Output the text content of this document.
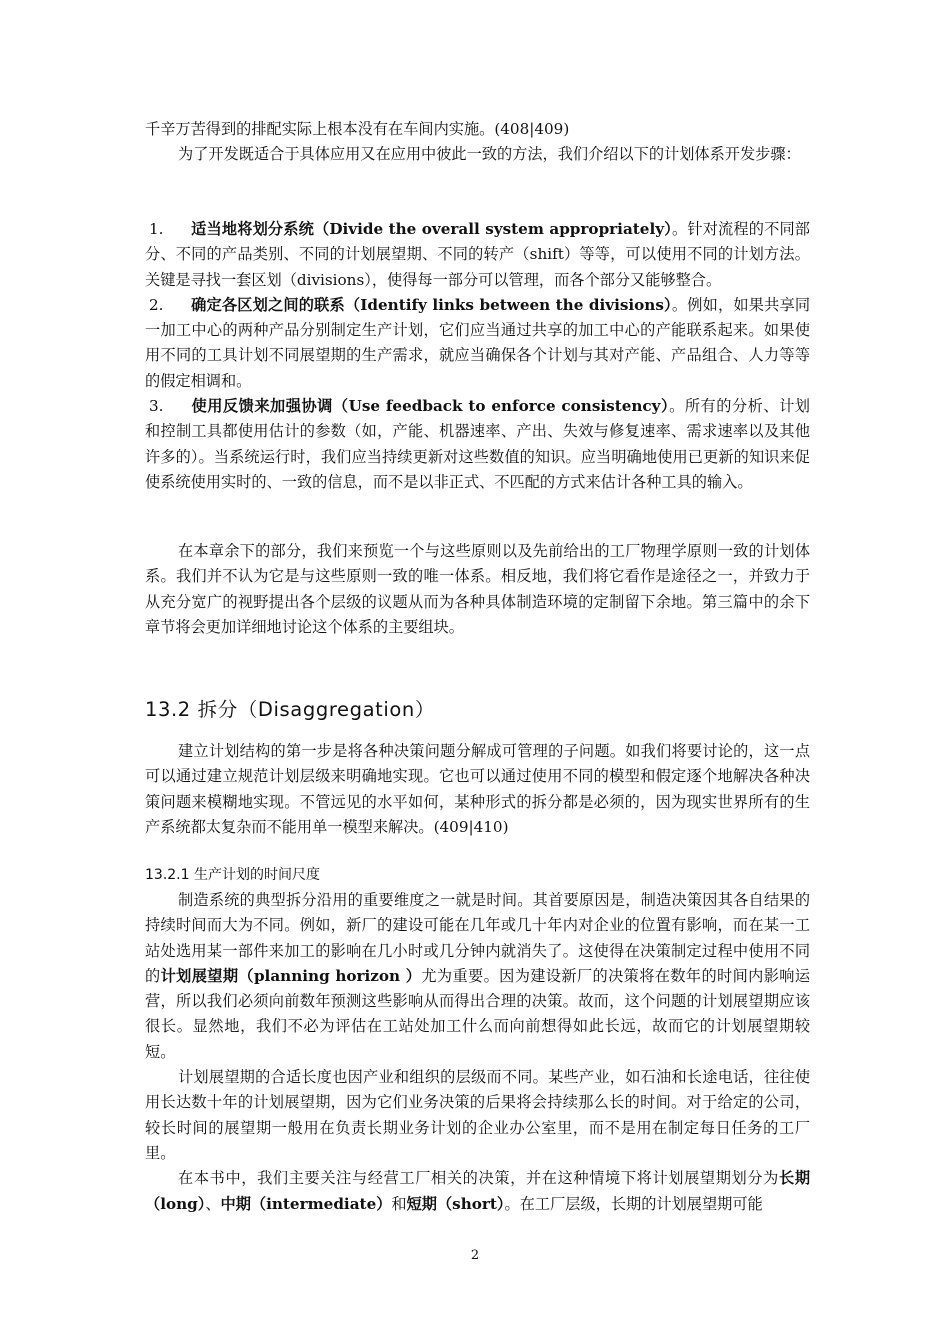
千辛万苦得到的排配实际上根本没有在车间内实施。(408|409)

为了开发既适合于具体应用又在应用中彼此一致的方法，我们介绍以下的计划体系开发步骤：

1. 适当地将划分系统（Divide the overall system appropriately）。针对流程的不同部分、不同的产品类别、不同的计划展望期、不同的转产（shift）等等，可以使用不同的计划方法。关键是寻找一套区划（divisions），使得每一部分可以管理，而各个部分又能够整合。

2. 确定各区划之间的联系（Identify links between the divisions）。例如，如果共享同一加工中心的两种产品分别制定生产计划，它们应当通过共享的加工中心的产能联系起来。如果使用不同的工具计划不同展望期的生产需求，就应当确保各个计划与其对产能、产品组合、人力等等的假定相调和。

3. 使用反馈来加强协调（Use feedback to enforce consistency）。所有的分析、计划和控制工具都使用估计的参数（如，产能、机器速率、产出、失效与修复速率、需求速率以及其他许多的）。当系统运行时，我们应当持续更新对这些数值的知识。应当明确地使用已更新的知识来促使系统使用实时的、一致的信息，而不是以非正式、不匹配的方式来估计各种工具的输入。

在本章余下的部分，我们来预览一个与这些原则以及先前给出的工厂物理学原则一致的计划体系。我们并不认为它是与这些原则一致的唯一体系。相反地，我们将它看作是途径之一，并致力于从充分宽广的视野提出各个层级的议题从而为各种具体制造环境的定制留下余地。第三篇中的余下章节将会更加详细地讨论这个体系的主要组块。

13.2 拆分（Disaggregation）

建立计划结构的第一步是将各种决策问题分解成可管理的子问题。如我们将要讨论的，这一点可以通过建立规范计划层级来明确地实现。它也可以通过使用不同的模型和假定逐个地解决各种决策问题来模糊地实现。不管远见的水平如何，某种形式的拆分都是必须的，因为现实世界所有的生产系统都太复杂而不能用单一模型来解决。(409|410)

13.2.1 生产计划的时间尺度

制造系统的典型拆分沿用的重要维度之一就是时间。其首要原因是，制造决策因其各自结果的持续时间而大为不同。例如，新厂的建设可能在几年或几十年内对企业的位置有影响，而在某一工站处选用某一部件来加工的影响在几小时或几分钟内就消失了。这使得在决策制定过程中使用不同的计划展望期（planning horizon ）尤为重要。因为建设新厂的决策将在数年的时间内影响运营，所以我们必须向前数年预测这些影响从而得出合理的决策。故而，这个问题的计划展望期应该很长。显然地，我们不必为评估在工站处加工什么而向前想得如此长远，故而它的计划展望期较短。

计划展望期的合适长度也因产业和组织的层级而不同。某些产业，如石油和长途电话，往往使用长达数十年的计划展望期，因为它们业务决策的后果将会持续那么长的时间。对于给定的公司，较长时间的展望期一般用在负责长期业务计划的企业办公室里，而不是用在制定每日任务的工厂里。

在本书中，我们主要关注与经营工厂相关的决策，并在这种情境下将计划展望期划分为长期（long）、中期（intermediate）和短期（short）。在工厂层级，长期的计划展望期可能

2
